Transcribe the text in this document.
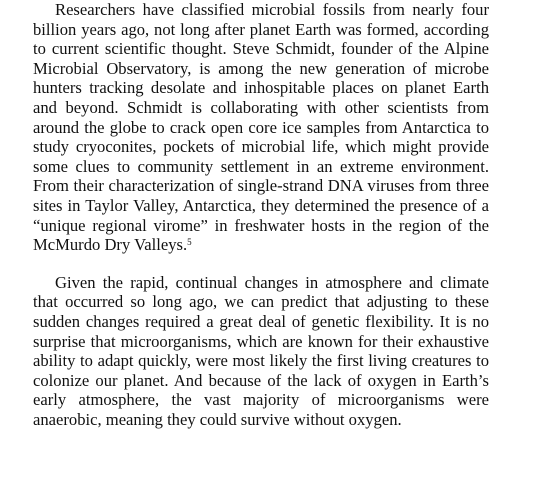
Researchers have classified microbial fossils from nearly four billion years ago, not long after planet Earth was formed, according to current scientific thought. Steve Schmidt, founder of the Alpine Microbial Observatory, is among the new generation of microbe hunters tracking desolate and inhospitable places on planet Earth and beyond. Schmidt is collaborating with other scientists from around the globe to crack open core ice samples from Antarctica to study cryoconites, pockets of microbial life, which might provide some clues to community settlement in an extreme environment. From their characterization of single-strand DNA viruses from three sites in Taylor Valley, Antarctica, they determined the presence of a “unique regional virome” in freshwater hosts in the region of the McMurdo Dry Valleys.$^5$

Given the rapid, continual changes in atmosphere and climate that occurred so long ago, we can predict that adjusting to these sudden changes required a great deal of genetic flexibility. It is no surprise that microorganisms, which are known for their exhaustive ability to adapt quickly, were most likely the first living creatures to colonize our planet. And because of the lack of oxygen in Earth’s early atmosphere, the vast majority of microorganisms were anaerobic, meaning they could survive without oxygen.
